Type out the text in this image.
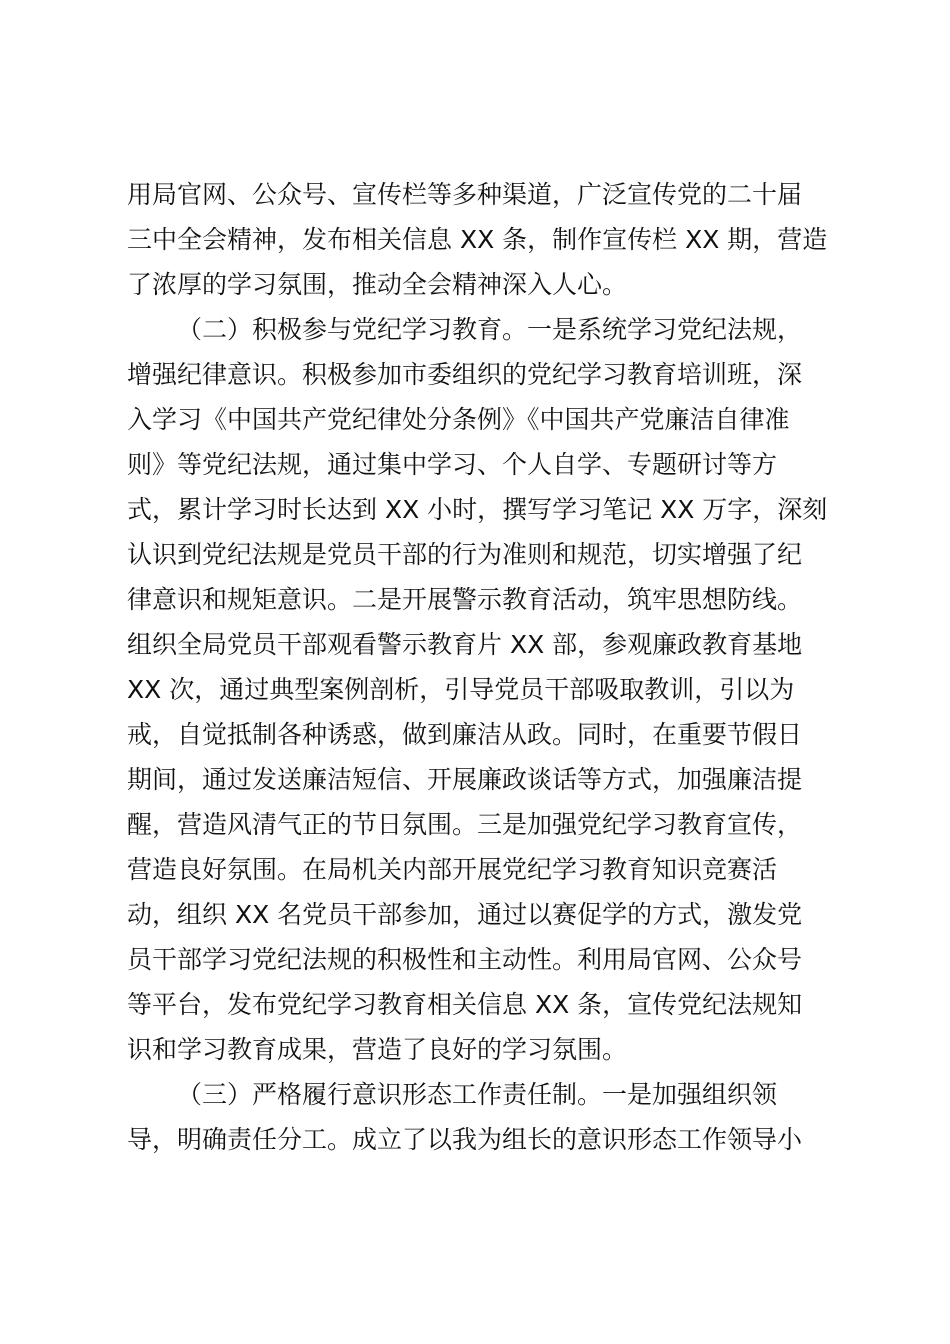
用局官网、公众号、宣传栏等多种渠道，广泛宣传党的二十届
三中全会精神，发布相关信息 XX 条，制作宣传栏 XX 期，营造
了浓厚的学习氛围，推动全会精神深入人心。
（二）积极参与党纪学习教育。一是系统学习党纪法规，
增强纪律意识。积极参加市委组织的党纪学习教育培训班，深
入学习《中国共产党纪律处分条例》《中国共产党廉洁自律准
则》等党纪法规，通过集中学习、个人自学、专题研讨等方
式，累计学习时长达到 XX 小时，撰写学习笔记 XX 万字，深刻
认识到党纪法规是党员干部的行为准则和规范，切实增强了纪
律意识和规矩意识。二是开展警示教育活动，筑牢思想防线。
组织全局党员干部观看警示教育片 XX 部，参观廉政教育基地
XX 次，通过典型案例剖析，引导党员干部吸取教训，引以为
戒，自觉抵制各种诱惑，做到廉洁从政。同时，在重要节假日
期间，通过发送廉洁短信、开展廉政谈话等方式，加强廉洁提
醒，营造风清气正的节日氛围。三是加强党纪学习教育宣传，
营造良好氛围。在局机关内部开展党纪学习教育知识竞赛活
动，组织 XX 名党员干部参加，通过以赛促学的方式，激发党
员干部学习党纪法规的积极性和主动性。利用局官网、公众号
等平台，发布党纪学习教育相关信息 XX 条，宣传党纪法规知
识和学习教育成果，营造了良好的学习氛围。
（三）严格履行意识形态工作责任制。一是加强组织领
导，明确责任分工。成立了以我为组长的意识形态工作领导小
